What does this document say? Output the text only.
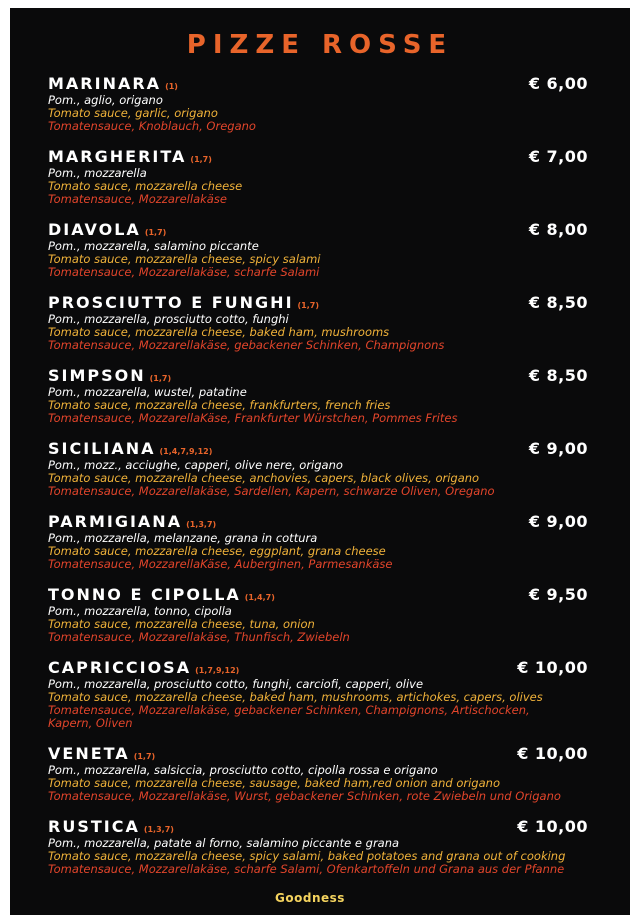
PIZZE ROSSE
MARINARA (1)	€ 6,00
Pom., aglio, origano
Tomato sauce, garlic, origano
Tomatensauce, Knoblauch, Oregano
MARGHERITA (1,7)	€ 7,00
Pom., mozzarella
Tomato sauce, mozzarella cheese
Tomatensauce, Mozzarellakäse
DIAVOLA (1,7)	€ 8,00
Pom., mozzarella, salamino piccante
Tomato sauce, mozzarella cheese, spicy salami
Tomatensauce, Mozzarellakäse, scharfe Salami
PROSCIUTTO E FUNGHI (1,7)	€ 8,50
Pom., mozzarella, prosciutto cotto, funghi
Tomato sauce, mozzarella cheese, baked ham, mushrooms
Tomatensauce, Mozzarellakäse, gebackener Schinken, Champignons
SIMPSON (1,7)	€ 8,50
Pom., mozzarella, wustel, patatine
Tomato sauce, mozzarella cheese, frankfurters, french fries
Tomatensauce, MozzarellaKäse, Frankfurter Würstchen, Pommes Frites
SICILIANA (1,4,7,9,12)	€ 9,00
Pom., mozz., acciughe, capperi, olive nere, origano
Tomato sauce, mozzarella cheese, anchovies, capers, black olives, origano
Tomatensauce, Mozzarellakäse, Sardellen, Kapern, schwarze Oliven, Oregano
PARMIGIANA (1,3,7)	€ 9,00
Pom., mozzarella, melanzane, grana in cottura
Tomato sauce, mozzarella cheese, eggplant, grana cheese
Tomatensauce, MozzarellaKäse, Auberginen, Parmesankäse
TONNO E CIPOLLA (1,4,7)	€ 9,50
Pom., mozzarella, tonno, cipolla
Tomato sauce, mozzarella cheese, tuna, onion
Tomatensauce, Mozzarellakäse, Thunfisch, Zwiebeln
CAPRICCIOSA (1,7,9,12)	€ 10,00
Pom., mozzarella, prosciutto cotto, funghi, carciofi, capperi, olive
Tomato sauce, mozzarella cheese, baked ham, mushrooms, artichokes, capers, olives
Tomatensauce, Mozzarellakäse, gebackener Schinken, Champignons, Artischocken, Kapern, Oliven
VENETA (1,7)	€ 10,00
Pom., mozzarella, salsiccia, prosciutto cotto, cipolla rossa e origano
Tomato sauce, mozzarella cheese, sausage, baked ham,red onion and origano
Tomatensauce, Mozzarellakäse, Wurst, gebackener Schinken, rote Zwiebeln und Origano
RUSTICA (1,3,7)	€ 10,00
Pom., mozzarella, patate al forno, salamino piccante e grana
Tomato sauce, mozzarella cheese, spicy salami, baked potatoes and grana out of cooking
Tomatensauce, Mozzarellakäse, scharfe Salami, Ofenkartoffeln und Grana aus der Pfanne
Goodness
